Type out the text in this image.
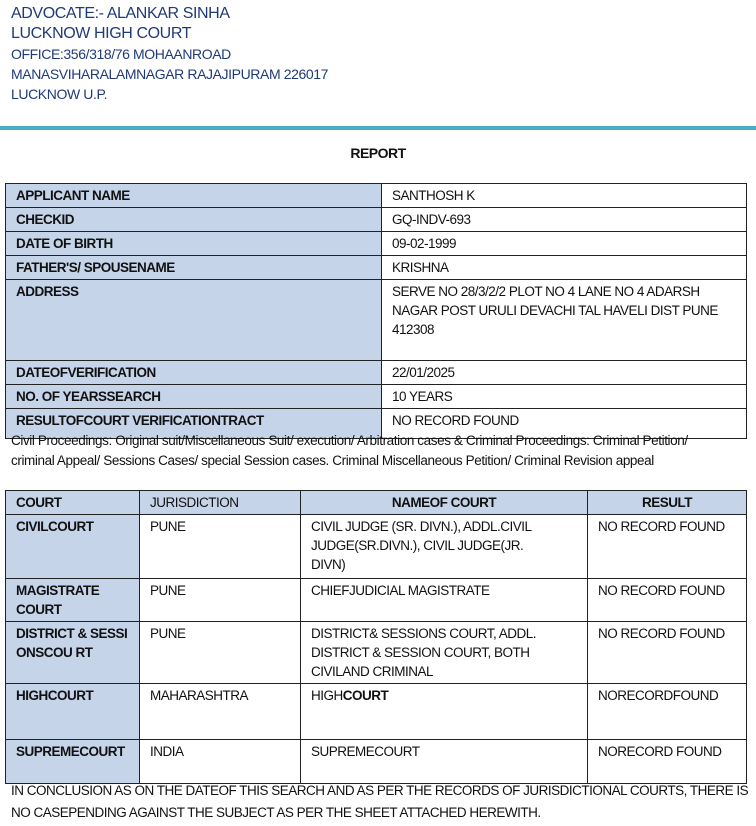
ADVOCATE:- ALANKAR SINHA
LUCKNOW HIGH COURT
OFFICE:356/318/76 MOHAANROAD
MANASVIHARALAMNAGAR RAJAJIPURAM 226017
LUCKNOW U.P.
REPORT
APPLICANT NAME	SANTHOSH K
CHECKID	GQ-INDV-693
DATE OF BIRTH	09-02-1999
FATHER'S/ SPOUSENAME	KRISHNA
ADDRESS	SERVE NO 28/3/2/2 PLOT NO 4 LANE NO 4 ADARSH NAGAR POST URULI DEVACHI TAL HAVELI DIST PUNE 412308
DATEOFVERIFICATION	22/01/2025
NO. OF YEARSSEARCH	10 YEARS
RESULTOFCOURT VERIFICATIONTRACT	NO RECORD FOUND
Civil Proceedings: Original suit/Miscellaneous Suit/ execution/ Arbitration cases & Criminal Proceedings: Criminal Petition/ criminal Appeal/ Sessions Cases/ special Session cases. Criminal Miscellaneous Petition/ Criminal Revision appeal
COURT	JURISDICTION	NAMEOF COURT	RESULT
CIVILCOURT	PUNE	CIVIL JUDGE (SR. DIVN.), ADDL.CIVIL JUDGE(SR.DIVN.), CIVIL JUDGE(JR. DIVN)	NO RECORD FOUND
MAGISTRATE COURT	PUNE	CHIEFJUDICIAL MAGISTRATE	NO RECORD FOUND
DISTRICT & SESSIONSCOU RT	PUNE	DISTRICT& SESSIONS COURT, ADDL. DISTRICT & SESSION COURT, BOTH CIVILAND CRIMINAL	NO RECORD FOUND
HIGHCOURT	MAHARASHTRA	HIGHCOURT	NORECORDFOUND
SUPREMECOURT	INDIA	SUPREMECOURT	NORECORD FOUND
IN CONCLUSION AS ON THE DATEOF THIS SEARCH AND AS PER THE RECORDS OF JURISDICTIONAL COURTS, THERE IS NO CASEPENDING AGAINST THE SUBJECT AS PER THE SHEET ATTACHED HEREWITH.
